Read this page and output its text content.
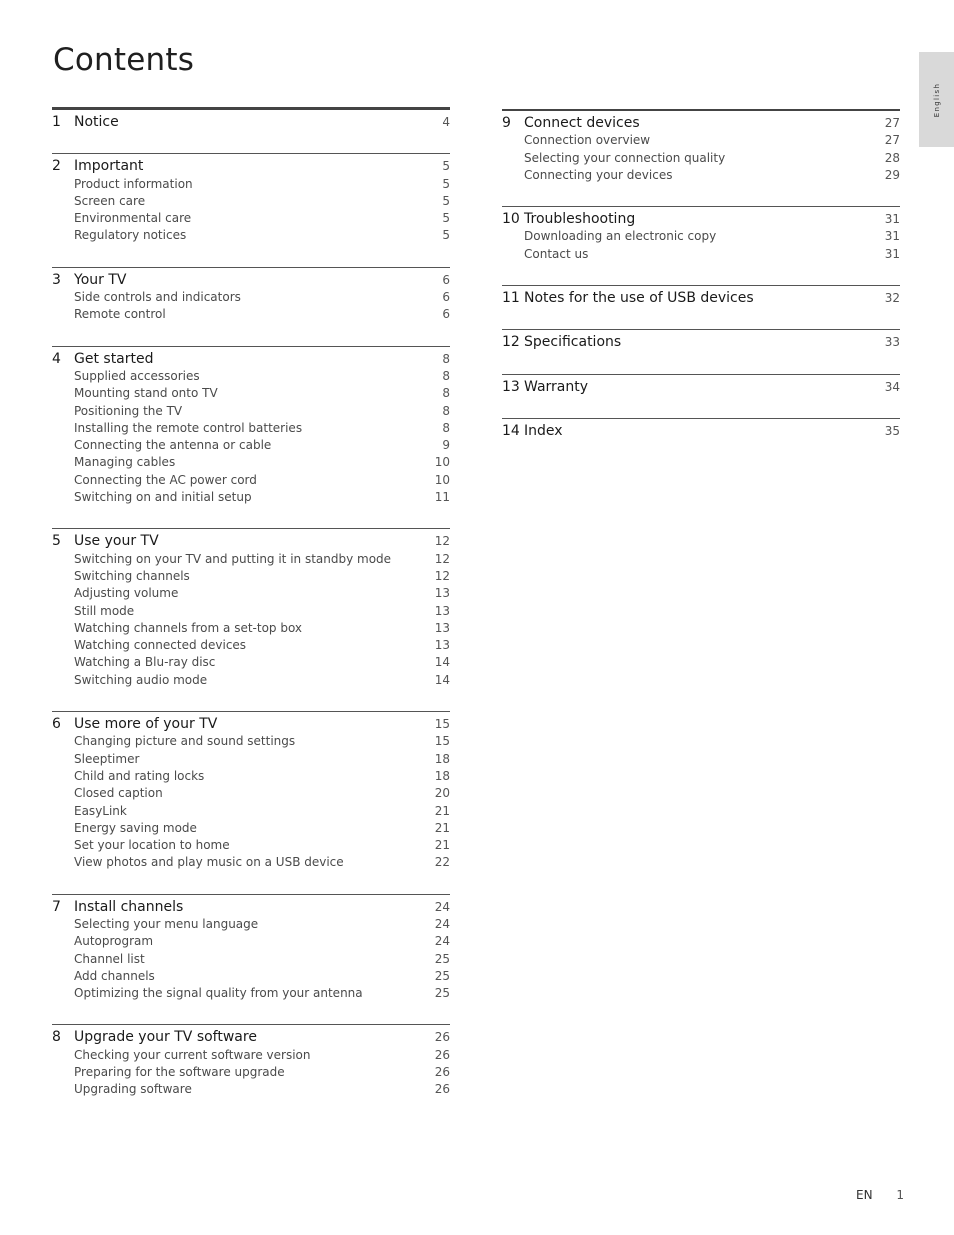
Contents
English
1 Notice	4
2 Important	5
Product information	5
Screen care	5
Environmental care	5
Regulatory notices	5
3 Your TV	6
Side controls and indicators	6
Remote control	6
4 Get started	8
Supplied accessories	8
Mounting stand onto TV	8
Positioning the TV	8
Installing the remote control batteries	8
Connecting the antenna or cable	9
Managing cables	10
Connecting the AC power cord	10
Switching on and initial setup	11
5 Use your TV	12
Switching on your TV and putting it in standby mode	12
Switching channels	12
Adjusting volume	13
Still mode	13
Watching channels from a set-top box	13
Watching connected devices	13
Watching a Blu-ray disc	14
Switching audio mode	14
6 Use more of your TV	15
Changing picture and sound settings	15
Sleeptimer	18
Child and rating locks	18
Closed caption	20
EasyLink	21
Energy saving mode	21
Set your location to home	21
View photos and play music on a USB device	22
7 Install channels	24
Selecting your menu language	24
Autoprogram	24
Channel list	25
Add channels	25
Optimizing the signal quality from your antenna	25
8 Upgrade your TV software	26
Checking your current software version	26
Preparing for the software upgrade	26
Upgrading software	26
9 Connect devices	27
Connection overview	27
Selecting your connection quality	28
Connecting your devices	29
10 Troubleshooting	31
Downloading an electronic copy	31
Contact us	31
11 Notes for the use of USB devices	32
12 Specifications	33
13 Warranty	34
14 Index	35
EN 1
